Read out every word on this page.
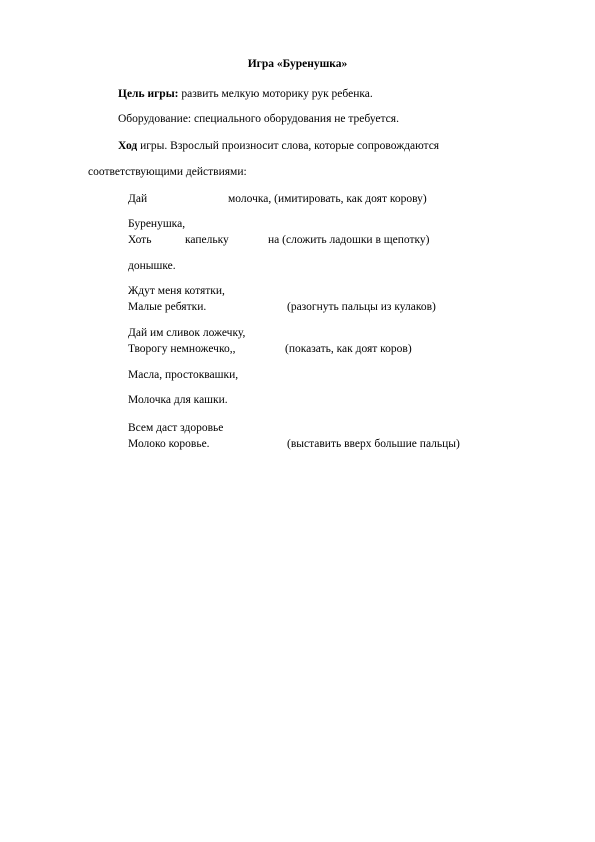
Игра «Буренушка»
Цель игры: развить мелкую моторику рук ребенка.
Оборудование: специального оборудования не требуется.
Ход игры. Взрослый произносит слова, которые сопровождаются
соответствующими действиями:
Дай	молочка, (имитировать, как доят корову)
Буренушка,
Хоть	капельку	на (сложить ладошки в щепотку)
донышке.
Ждут меня котятки,
Малые ребятки.	(разогнуть пальцы из кулаков)
Дай им сливок ложечку,
Творогу немножечко,,	(показать, как доят коров)
Масла, простоквашки,
Молочка для кашки.
Всем даст здоровье
Молоко коровье.	(выставить вверх большие пальцы)
